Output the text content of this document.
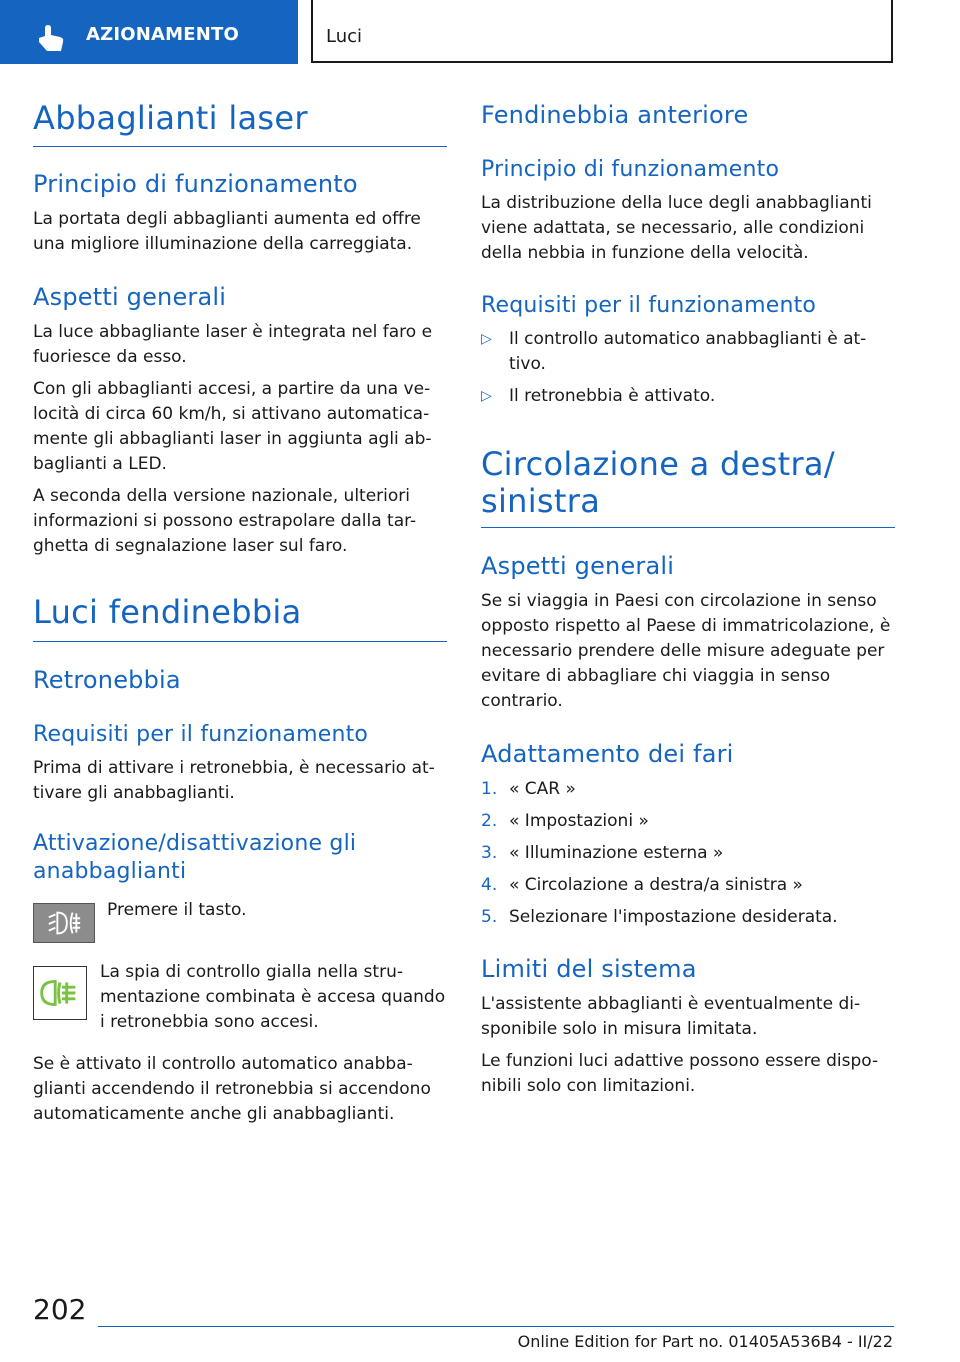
AZIONAMENTO	Luci
Abbaglianti laser
Principio di funzionamento

La portata degli abbaglianti aumenta ed offre una migliore illuminazione della carreggiata.

Aspetti generali

La luce abbagliante laser è integrata nel faro e fuoriesce da esso.

Con gli abbaglianti accesi, a partire da una ve-locità di circa 60 km/h, si attivano automatica-mente gli abbaglianti laser in aggiunta agli ab-baglianti a LED.

A seconda della versione nazionale, ulteriori informazioni si possono estrapolare dalla tar-ghetta di segnalazione laser sul faro.

Luci fendinebbia
Retronebbia
Requisiti per il funzionamento

Prima di attivare i retronebbia, è necessario at-tivare gli anabbaglianti.

Attivazione/disattivazione gli anabbaglianti

Premere il tasto.

La spia di controllo gialla nella stru-mentazione combinata è accesa quando i retronebbia sono accesi.

Se è attivato il controllo automatico anabba-glianti accendendo il retronebbia si accendono automaticamente anche gli anabbaglianti.

Fendinebbia anteriore
Principio di funzionamento

La distribuzione della luce degli anabbaglianti viene adattata, se necessario, alle condizioni della nebbia in funzione della velocità.

Requisiti per il funzionamento
▷ Il controllo automatico anabbaglianti è at-tivo.
▷ Il retronebbia è attivato.
Circolazione a destra/ sinistra
Aspetti generali

Se si viaggia in Paesi con circolazione in senso opposto rispetto al Paese di immatricolazione, è necessario prendere delle misure adeguate per evitare di abbagliare chi viaggia in senso contrario.

Adattamento dei fari
1. « CAR »
2. « Impostazioni »
3. « Illuminazione esterna »
4. « Circolazione a destra/a sinistra »
5. Selezionare l'impostazione desiderata.
Limiti del sistema

L'assistente abbaglianti è eventualmente di-sponibile solo in misura limitata.

Le funzioni luci adattive possono essere dispo-nibili solo con limitazioni.

202
Online Edition for Part no. 01405A536B4 - II/22
